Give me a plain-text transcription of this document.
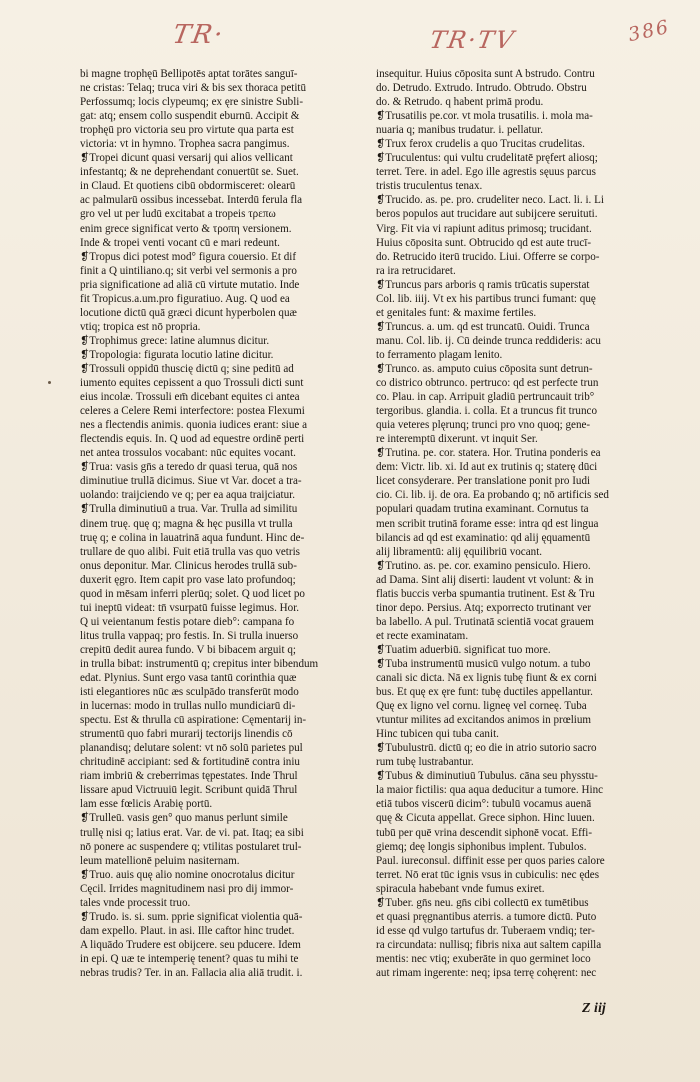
TR·	TR·TV	386

bi magne trophęū Bellipotēs aptat torātes sanguī-

ne cristas: Telaq; truca viri & bis sex thoraca petitū

Perfossumq; locis clypeumq; ex ęre sinistre Subli-

gat: atq; ensem collo suspendit eburnū. Accipit &

trophęū pro victoria seu pro virtute qua parta est

victoria: vt in hymno. Trophea sacra pangimus.

❡Tropei dicunt quasi versarij qui alios vellicant

infestantq; & ne deprehendant conuertūt se. Suet.

in Claud. Et quotiens cibū obdormisceret: olearū

ac palmularū ossibus incessebat. Interdū ferula fla

gro vel ut per ludū excitabat a tropeis τρεπω

enim grece significat verto & τροπη versionem.

Inde & tropei venti vocant cū e mari redeunt.

❡Tropus dici potest mod° figura couersio. Et dif

finit a Q uintiliano.q; sit verbi vel sermonis a pro

pria significatione ad aliā cū virtute mutatio. Inde

fit Tropicus.a.um.pro figuratiuo. Aug. Q uod ea

locutione dictū quā grӕci dicunt hyperbolen quӕ

vtiq; tropica est nō propria.

❡Trophimus grece: latine alumnus dicitur.

❡Tropologia: figurata locutio latine dicitur.

❡Trossuli oppidū thuscię dictū q; sine peditū ad

iumento equites cepissent a quo Trossuli dicti sunt

eius incolӕ. Trossuli em̄ dicebant equites ci antea

celeres a Celere Remi interfectore: postea Flexumi

nes a flectendis animis. quonia iudices erant: siue a

flectendis equis. In. Q uod ad equestre ordinē perti

net antea trossulos vocabant: nūc equites vocant.

❡Trua: vasis gn̄s a teredo dr quasi terua, quā nos

diminutiue trullā dicimus. Siue vt Var. docet a tra-

uolando: traijciendo ve q; per ea aqua traijciatur.

❡Trulla diminutiuū a trua. Var. Trulla ad similitu

dinem truę. quę q; magna & hęc pusilla vt trulla

truę q; e colina in lauatrinā aqua fundunt. Hinc de-

trullare de quo alibi. Fuit etiā trulla vas quo vetris

onus deponitur. Mar. Clinicus herodes trullā sub-

duxerit ęgro. Item capit pro vase lato profundoq;

quod in mēsam inferri plerūq; solet. Q uod licet po

tui ineptū videat: tn̄ vsurpatū fuisse legimus. Hor.

Q ui veientanum festis potare dieb°: campana fo

litus trulla vappaq; pro festis. In. Si trulla inuerso

crepitū dedit aurea fundo. V bi bibacem arguit q;

in trulla bibat: instrumentū q; crepitus inter bibendum

edat. Plynius. Sunt ergo vasa tantū corinthia quӕ

isti elegantiores nūc ӕs sculpādo transferūt modo

in lucernas: modo in trullas nullo mundiciarū di-

spectu. Est & thrulla cū aspiratione: Cęmentarij in-

strumentū quo fabri murarij tectorijs linendis cō

planandisq; delutare solent: vt nō solū parietes pul

chritudinē accipiant: sed & fortitudinē contra iniu

riam imbriū & creberrimas tępestates. Inde Thrul

lissare apud Victruuiū legit. Scribunt quidā Thrul

lam esse fœlicis Arabię portū.

❡Trulleū. vasis gen° quo manus perlunt simile

trullę nisi q; latius erat. Var. de vi. pat. Itaq; ea sibi

nō ponere ac suspendere q; vtilitas postularet trul-

leum matellionē peluim nasiternam.

❡Truo. auis quę alio nomine onocrotalus dicitur

Cęcil. Irrides magnitudinem nasi pro dij immor-

tales vnde processit truo.

❡Trudo. is. si. sum. pprie significat violentia quā-

dam expello. Plaut. in asi. Ille caftor hinc trudet.

A liquādo Trudere est obijcere. seu pducere. Idem

in epi. Q uӕ te intemperię tenent? quas tu mihi te

nebras trudis? Ter. in an. Fallacia alia aliā trudit. i.

insequitur. Huius cōposita sunt A bstrudo. Contru

do. Detrudo. Extrudo. Intrudo. Obtrudo. Obstru

do. & Retrudo. q habent primā produ.

❡Trusatilis pe.cor. vt mola trusatilis. i. mola ma-

nuaria q; manibus trudatur. i. pellatur.

❡Trux ferox crudelis a quo Trucitas crudelitas.

❡Truculentus: qui vultu crudelitatē pręfert aliosq;

terret. Tere. in adel. Ego ille agrestis sęuus parcus

tristis truculentus tenax.

❡Trucido. as. pe. pro. crudeliter neco. Lact. li. i. Li

beros populos aut trucidare aut subijcere seruituti.

Virg. Fit via vi rapiunt aditus primosq; trucidant.

Huius cōposita sunt. Obtrucido qd est aute trucī-

do. Retrucido iterū trucido. Liui. Offerre se corpo-

ra ira retrucidaret.

❡Truncus pars arboris q ramis trūcatis superstat

Col. lib. iiij. Vt ex his partibus trunci fumant: quę

et genitales funt: & maxime fertiles.

❡Truncus. a. um. qd est truncatū. Ouidi. Trunca

manu. Col. lib. ij. Cū deinde trunca reddideris: acu

to ferramento plagam lenito.

❡Trunco. as. amputo cuius cōposita sunt detrun-

co districo obtrunco. pertruco: qd est perfecte trun

co. Plau. in cap. Arripuit gladiū pertruncauit trib°

tergoribus. glandia. i. colla. Et a truncus fit trunco

quia veteres plęrunq; trunci pro vno quoq; gene-

re interemptū dixerunt. vt inquit Ser.

❡Trutina. pe. cor. statera. Hor. Trutina ponderis ea

dem: Victr. lib. xi. Id aut ex trutinis q; staterę dūci

licet consyderare. Per translatione ponit pro Iudi

cio. Ci. lib. ij. de ora. Ea probando q; nō artificis sed

populari quadam trutina examinant. Cornutus ta

men scribit trutinā forame esse: intra qd est lingua

bilancis ad qd est examinatio: qd alij ęquamentū

alij libramentū: alij ęquilibriū vocant.

❡Trutino. as. pe. cor. examino pensiculo. Hiero.

ad Dama. Sint alij diserti: laudent vt volunt: & in

flatis buccis verba spumantia trutinent. Est & Tru

tinor depo. Persius. Atq; exporrecto trutinant ver

ba labello. A pul. Trutinatā scientiā vocat grauem

et recte examinatam.

❡Tuatim aduerbiū. significat tuo more.

❡Tuba instrumentū musicū vulgo notum. a tubo

canali sic dicta. Nā ex lignis tubę fiunt & ex corni

bus. Et quę ex ęre funt: tubę ductiles appellantur.

Quę ex ligno vel cornu. ligneę vel corneę. Tuba

vtuntur milites ad excitandos animos in prœlium

Hinc tubicen qui tuba canit.

❡Tubulustrū. dictū q; eo die in atrio sutorio sacro

rum tubę lustrabantur.

❡Tubus & diminutiuū Tubulus. cāna seu physstu-

la maior fictilis: qua aqua deducitur a tumore. Hinc

etiā tubos viscerū dicim°: tubulū vocamus auenā

quę & Cicuta appellat. Grece siphon. Hinc luuen.

tubū per quē vrina descendit siphonē vocat. Effi-

giemq; deę longis siphonibus implent. Tubulos.

Paul. iureconsul. diffinit esse per quos paries calore

terret. Nō erat tūc ignis vsus in cubiculis: nec ędes

spiracula habebant vnde fumus exiret.

❡Tuber. gn̄s neu. gn̄s cibi collectū ex tumētibus

et quasi pręgnantibus aterris. a tumore dictū. Puto

id esse qd vulgo tartufus dr. Tuberaem vndiq; ter-

ra circundata: nullisq; fibris nixa aut saltem capilla

mentis: nec vtiq; exuberāte in quo germinet loco

aut rimam ingerente: neq; ipsa terrę cohęrent: nec

Z iij
